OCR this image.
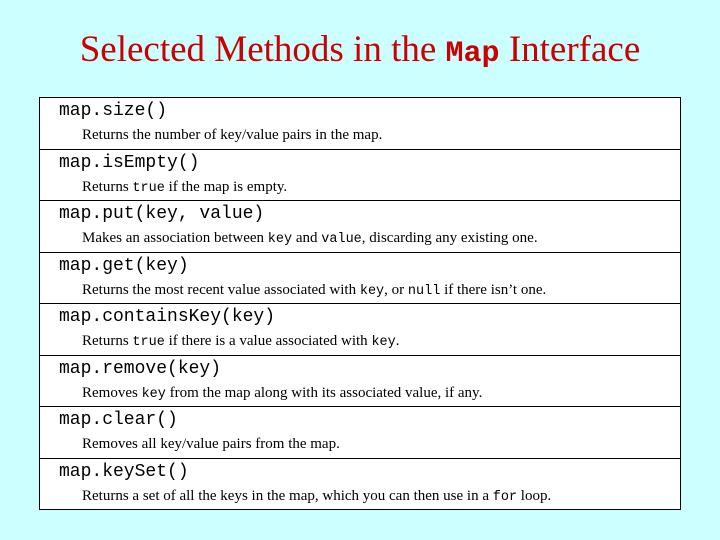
Selected Methods in the Map Interface
map.size()
Returns the number of key/value pairs in the map.
map.isEmpty()
Returns true if the map is empty.
map.put(key, value)
Makes an association between key and value, discarding any existing one.
map.get(key)
Returns the most recent value associated with key, or null if there isn’t one.
map.containsKey(key)
Returns true if there is a value associated with key.
map.remove(key)
Removes key from the map along with its associated value, if any.
map.clear()
Removes all key/value pairs from the map.
map.keySet()
Returns a set of all the keys in the map, which you can then use in a for loop.
